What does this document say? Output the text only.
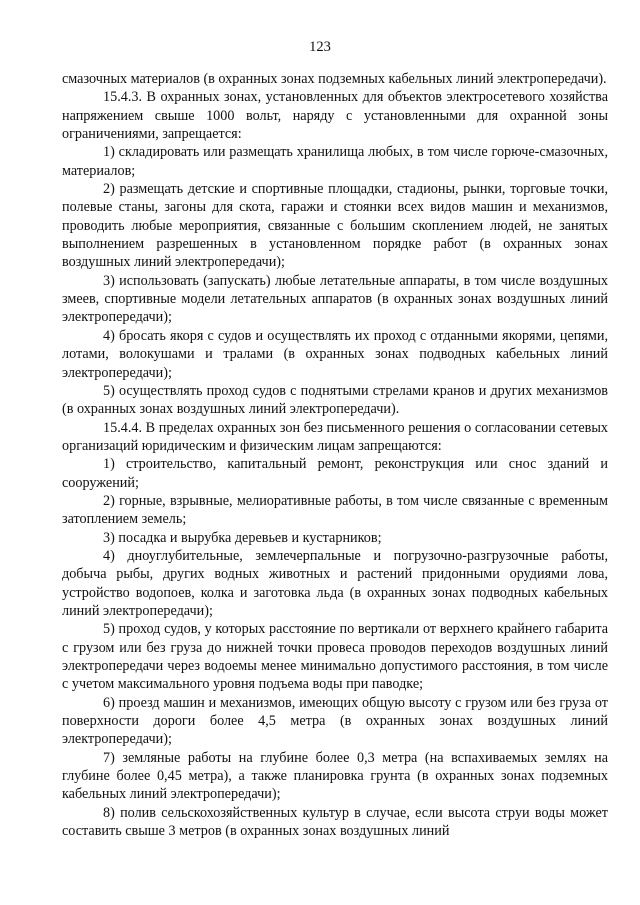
123

смазочных материалов (в охранных зонах подземных кабельных линий электропередачи).

15.4.3. В охранных зонах, установленных для объектов электросетевого хозяйства напряжением свыше 1000 вольт, наряду с установленными для охранной зоны ограничениями, запрещается:

1) складировать или размещать хранилища любых, в том числе горюче-смазочных, материалов;

2) размещать детские и спортивные площадки, стадионы, рынки, торговые точки, полевые станы, загоны для скота, гаражи и стоянки всех видов машин и механизмов, проводить любые мероприятия, связанные с большим скоплением людей, не занятых выполнением разрешенных в установленном порядке работ (в охранных зонах воздушных линий электропередачи);

3) использовать (запускать) любые летательные аппараты, в том числе воздушных змеев, спортивные модели летательных аппаратов (в охранных зонах воздушных линий электропередачи);

4) бросать якоря с судов и осуществлять их проход с отданными якорями, цепями, лотами, волокушами и тралами (в охранных зонах подводных кабельных линий электропередачи);

5) осуществлять проход судов с поднятыми стрелами кранов и других механизмов (в охранных зонах воздушных линий электропередачи).

15.4.4. В пределах охранных зон без письменного решения о согласовании сетевых организаций юридическим и физическим лицам запрещаются:

1) строительство, капитальный ремонт, реконструкция или снос зданий и сооружений;

2) горные, взрывные, мелиоративные работы, в том числе связанные с временным затоплением земель;

3) посадка и вырубка деревьев и кустарников;

4) дноуглубительные, землечерпальные и погрузочно-разгрузочные работы, добыча рыбы, других водных животных и растений придонными орудиями лова, устройство водопоев, колка и заготовка льда (в охранных зонах подводных кабельных линий электропередачи);

5) проход судов, у которых расстояние по вертикали от верхнего крайнего габарита с грузом или без груза до нижней точки провеса проводов переходов воздушных линий электропередачи через водоемы менее минимально допустимого расстояния, в том числе с учетом максимального уровня подъема воды при паводке;

6) проезд машин и механизмов, имеющих общую высоту с грузом или без груза от поверхности дороги более 4,5 метра (в охранных зонах воздушных линий электропередачи);

7) земляные работы на глубине более 0,3 метра (на вспахиваемых землях на глубине более 0,45 метра), а также планировка грунта (в охранных зонах подземных кабельных линий электропередачи);

8) полив сельскохозяйственных культур в случае, если высота струи воды может составить свыше 3 метров (в охранных зонах воздушных линий
